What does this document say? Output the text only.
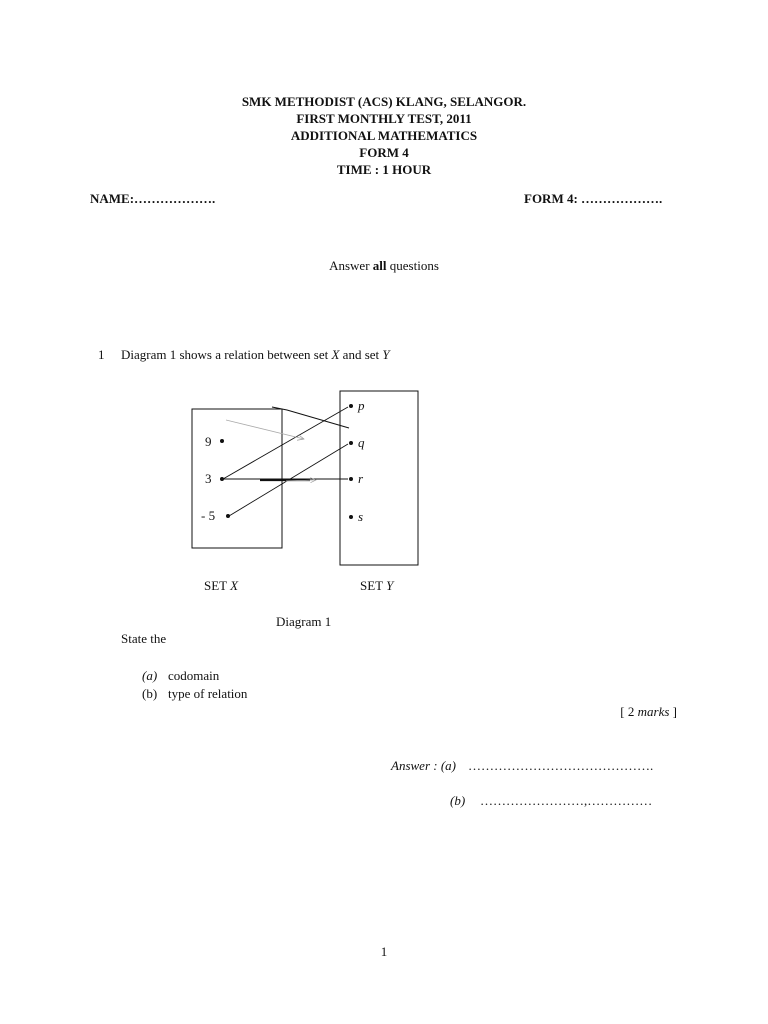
SMK METHODIST (ACS) KLANG, SELANGOR.
FIRST MONTHLY TEST, 2011
ADDITIONAL MATHEMATICS
FORM 4
TIME : 1 HOUR
NAME:……………….	FORM 4: ……………….
Answer all questions
1 Diagram 1 shows a relation between set X and set Y
9
3
- 5
p
q
r
s
SET X	SET Y
Diagram 1
State the
(a) codomain
(b) type of relation
[ 2 marks ]
Answer : (a) …………………………………….
(b) ……………………,……………
1
